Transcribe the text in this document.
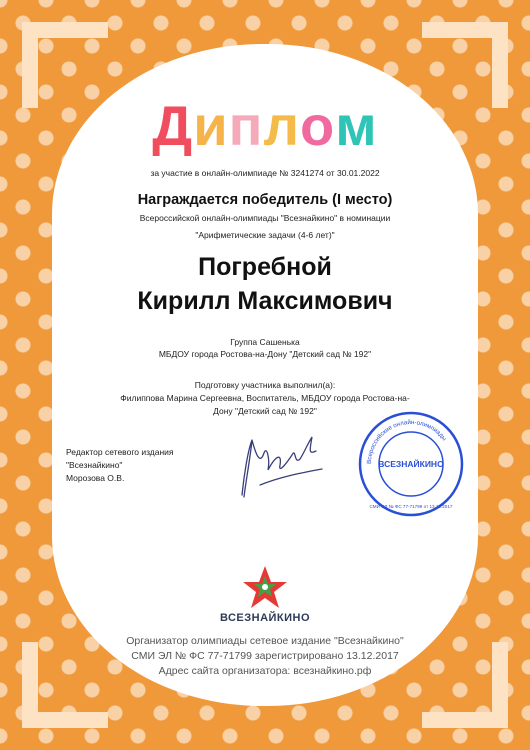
Диплом
за участие в онлайн-олимпиаде № 3241274 от 30.01.2022
Награждается победитель (I место)
Всероссийской онлайн-олимпиады "Всезнайкино" в номинации
"Арифметические задачи (4-6 лет)"
Погребной
Кирилл Максимович
Группа Сашенька
МБДОУ города Ростова-на-Дону "Детский сад № 192"
Подготовку участника выполнил(а):
Филиппова Марина Сергеевна, Воспитатель, МБДОУ города Ростова-на-Дону "Детский сад № 192"
Редактор сетевого издания
"Всезнайкино"
Морозова О.В.
Всероссийские онлайн-олимпиады
СМИ ЭЛ № ФС 77-71799 от 13.12.2017
ВСЕЗНАЙКИНО
ВСЕЗНАЙКИНО
Организатор олимпиады сетевое издание "Всезнайкино"
СМИ ЭЛ № ФС 77-71799 зарегистрировано 13.12.2017
Адрес сайта организатора: всезнайкино.рф
